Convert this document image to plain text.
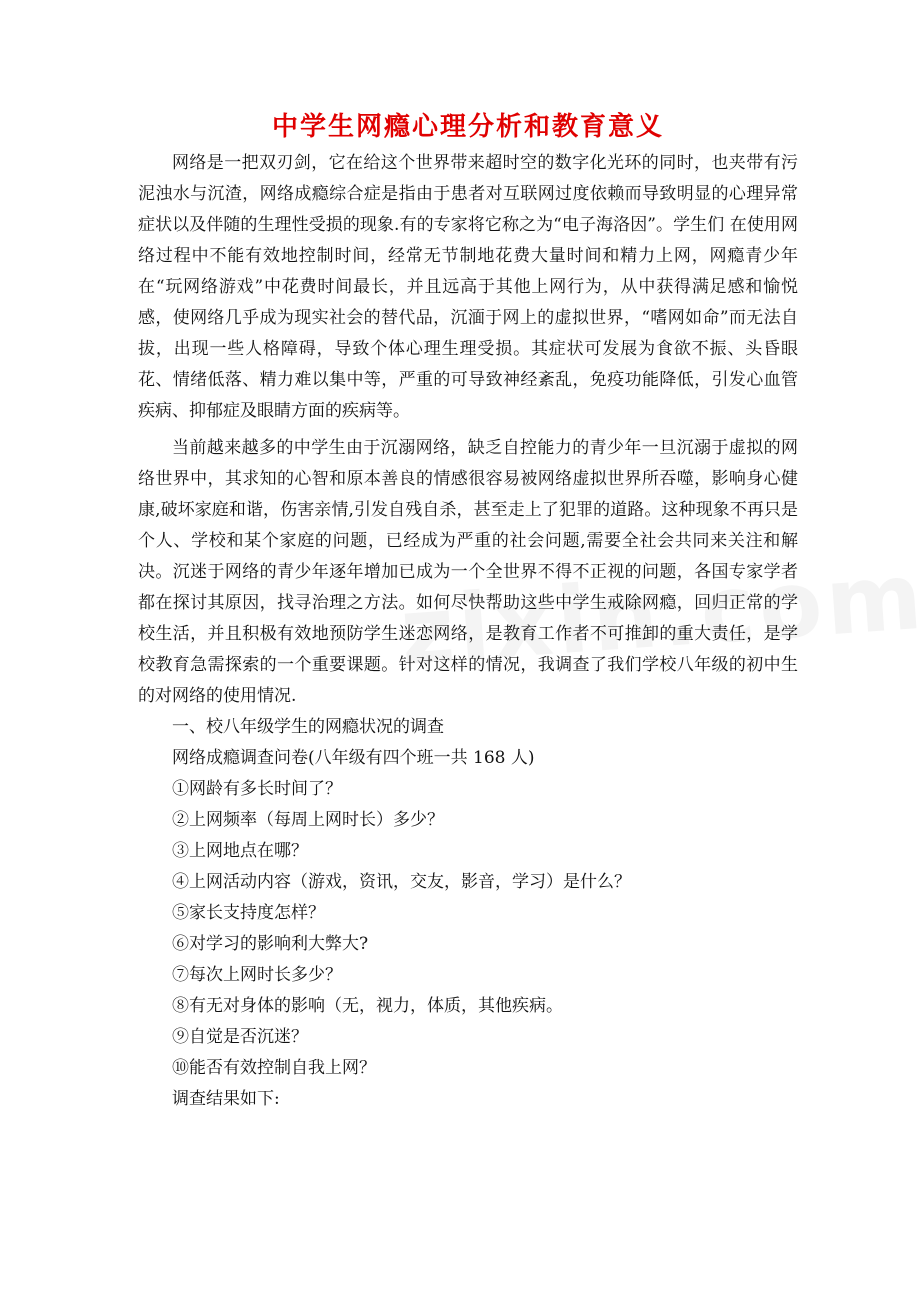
中学生网瘾心理分析和教育意义

网络是一把双刃剑，它在给这个世界带来超时空的数字化光环的同时，也夹带有污泥浊水与沉渣，网络成瘾综合症是指由于患者对互联网过度依赖而导致明显的心理异常症状以及伴随的生理性受损的现象.有的专家将它称之为“电子海洛因”。学生们 在使用网络过程中不能有效地控制时间，经常无节制地花费大量时间和精力上网，网瘾青少年在“玩网络游戏”中花费时间最长，并且远高于其他上网行为，从中获得满足感和愉悦感，使网络几乎成为现实社会的替代品，沉湎于网上的虚拟世界，“嗜网如命”而无法自拔，出现一些人格障碍，导致个体心理生理受损。其症状可发展为食欲不振、头昏眼花、情绪低落、精力难以集中等，严重的可导致神经紊乱，免疫功能降低，引发心血管疾病、抑郁症及眼睛方面的疾病等。

当前越来越多的中学生由于沉溺网络，缺乏自控能力的青少年一旦沉溺于虚拟的网络世界中，其求知的心智和原本善良的情感很容易被网络虚拟世界所吞噬，影响身心健康,破坏家庭和谐，伤害亲情,引发自残自杀，甚至走上了犯罪的道路。这种现象不再只是个人、学校和某个家庭的问题，已经成为严重的社会问题,需要全社会共同来关注和解决。沉迷于网络的青少年逐年增加已成为一个全世界不得不正视的问题，各国专家学者都在探讨其原因，找寻治理之方法。如何尽快帮助这些中学生戒除网瘾，回归正常的学校生活，并且积极有效地预防学生迷恋网络，是教育工作者不可推卸的重大责任，是学校教育急需探索的一个重要课题。针对这样的情况，我调查了我们学校八年级的初中生的对网络的使用情况.

一、校八年级学生的网瘾状况的调查

网络成瘾调查问卷(八年级有四个班一共 168 人)

①网龄有多长时间了？

②上网频率（每周上网时长）多少？

③上网地点在哪？

④上网活动内容（游戏，资讯，交友，影音，学习）是什么？

⑤家长支持度怎样？

⑥对学习的影响利大弊大?

⑦每次上网时长多少？

⑧有无对身体的影响（无，视力，体质，其他疾病。

⑨自觉是否沉迷？

⑩能否有效控制自我上网？

调查结果如下:
